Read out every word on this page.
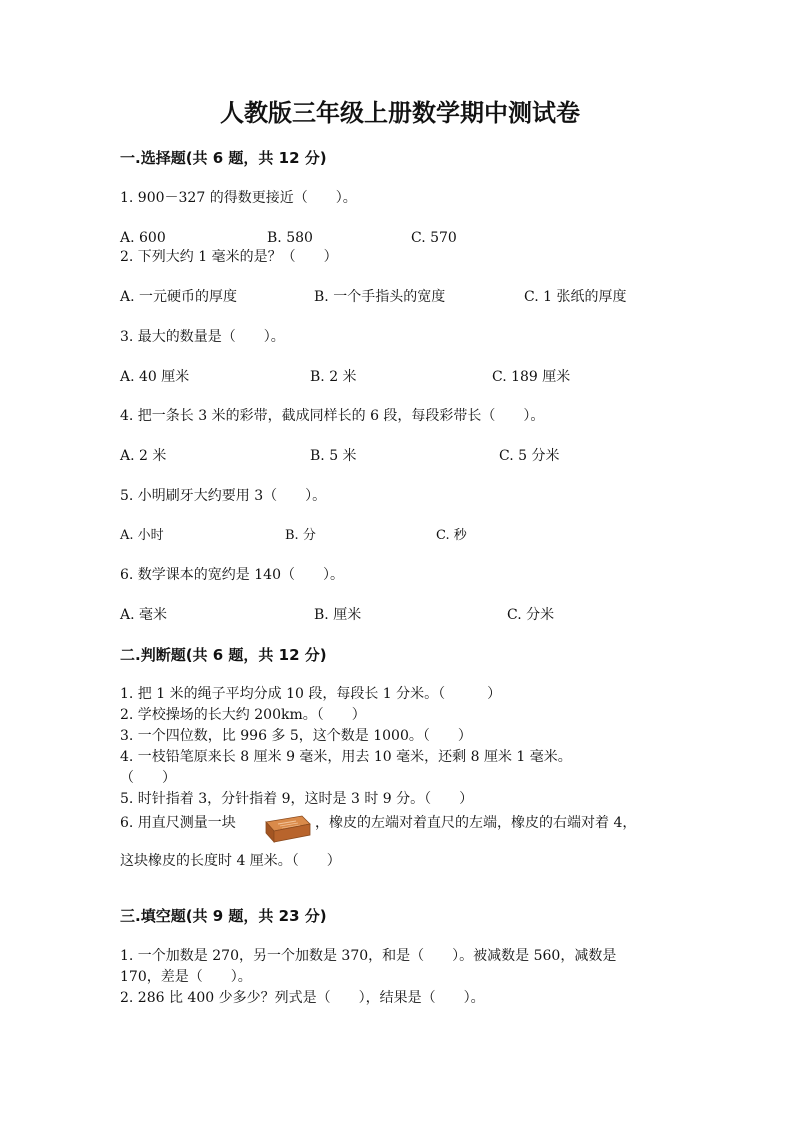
人教版三年级上册数学期中测试卷
一.选择题(共 6 题，共 12 分)
1. 900－327 的得数更接近（　　）。
A. 600	B. 580	C. 570
2. 下列大约 1 毫米的是？（　　）
A. 一元硬币的厚度	B. 一个手指头的宽度	C. 1 张纸的厚度
3. 最大的数量是（　　）。
A. 40 厘米	B. 2 米	C. 189 厘米
4. 把一条长 3 米的彩带，截成同样长的 6 段，每段彩带长（　　）。
A. 2 米	B. 5 米	C. 5 分米
5. 小明刷牙大约要用 3（　　）。
A. 小时	B. 分	C. 秒
6. 数学课本的宽约是 140（　　）。
A. 毫米	B. 厘米	C. 分米
二.判断题(共 6 题，共 12 分)
1. 把 1 米的绳子平均分成 10 段，每段长 1 分米。（　　　）
2. 学校操场的长大约 200km。（　　）
3. 一个四位数，比 996 多 5，这个数是 1000。（　　）
4. 一枝铅笔原来长 8 厘米 9 毫米，用去 10 毫米，还剩 8 厘米 1 毫米。
（　　）
5. 时针指着 3，分针指着 9，这时是 3 时 9 分。（　　）
6. 用直尺测量一块	，橡皮的左端对着直尺的左端，橡皮的右端对着 4，
这块橡皮的长度时 4 厘米。（　　）
三.填空题(共 9 题，共 23 分)
1. 一个加数是 270，另一个加数是 370，和是（　　）。被减数是 560，减数是
170，差是（　　）。
2. 286 比 400 少多少？列式是（　　），结果是（　　）。
